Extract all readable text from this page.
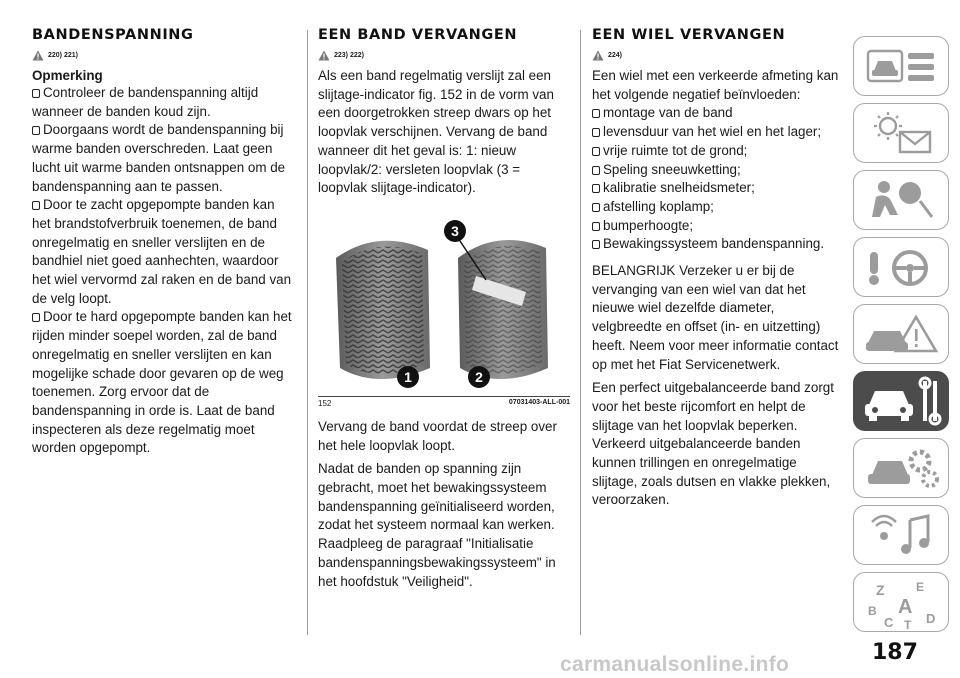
BANDENSPANNING
220) 221)
Opmerking
Controleer de bandenspanning altijd wanneer de banden koud zijn.
Doorgaans wordt de bandenspanning bij warme banden overschreden. Laat geen lucht uit warme banden ontsnappen om de bandenspanning aan te passen.
Door te zacht opgepompte banden kan het brandstofverbruik toenemen, de band onregelmatig en sneller verslijten en de bandhiel niet goed aanhechten, waardoor het wiel vervormd zal raken en de band van de velg loopt.
Door te hard opgepompte banden kan het rijden minder soepel worden, zal de band onregelmatig en sneller verslijten en kan mogelijke schade door gevaren op de weg toenemen. Zorg ervoor dat de bandenspanning in orde is. Laat de band inspecteren als deze regelmatig moet worden opgepompt.
EEN BAND VERVANGEN
223) 222)

Als een band regelmatig verslijt zal een slijtage-indicator fig. 152 in de vorm van een doorgetrokken streep dwars op het loopvlak verschijnen. Vervang de band wanneer dit het geval is: 1: nieuw loopvlak/2: versleten loopvlak (3 = loopvlak slijtage-indicator).

1	2
3
152	07031403-ALL-001

Vervang de band voordat de streep over het hele loopvlak loopt.

Nadat de banden op spanning zijn gebracht, moet het bewakingssysteem bandenspanning geïnitialiseerd worden, zodat het systeem normaal kan werken. Raadpleeg de paragraaf "Initialisatie bandenspanningsbewakingssysteem" in het hoofdstuk "Veiligheid".

EEN WIEL VERVANGEN
224)

Een wiel met een verkeerde afmeting kan het volgende negatief beïnvloeden:

montage van de band
levensduur van het wiel en het lager;
vrije ruimte tot de grond;
Speling sneeuwketting;
kalibratie snelheidsmeter;
afstelling koplamp;
bumperhoogte;
Bewakingssysteem bandenspanning.

BELANGRIJK Verzeker u er bij de vervanging van een wiel van dat het nieuwe wiel dezelfde diameter, velgbreedte en offset (in- en uitzetting) heeft. Neem voor meer informatie contact op met het Fiat Servicenetwerk.

Een perfect uitgebalanceerde band zorgt voor het beste rijcomfort en helpt de slijtage van het loopvlak beperken. Verkeerd uitgebalanceerde banden kunnen trillingen en onregelmatige slijtage, zoals dutsen en vlakke plekken, veroorzaken.

Z	E
B A
C T D
187
carmanualsonline.info
